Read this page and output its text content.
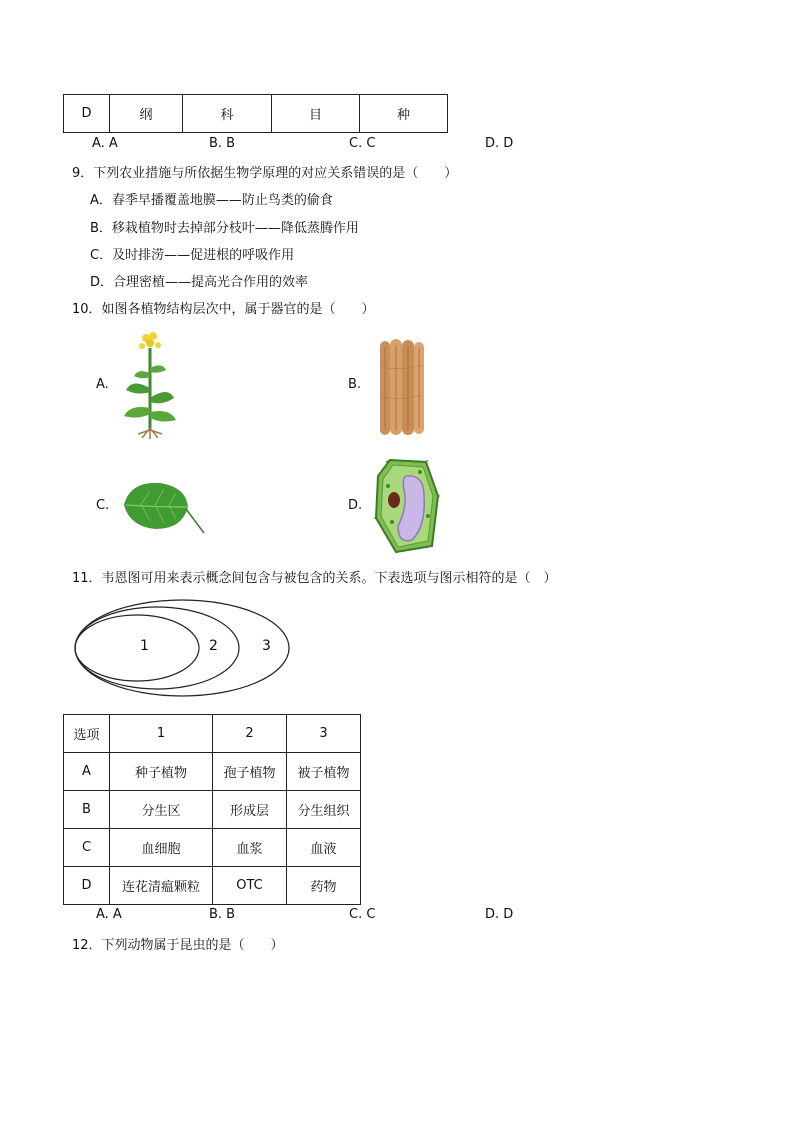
D	纲	科	目	种
A. A	B. B	C. C	D. D
9．下列农业措施与所依据生物学原理的对应关系错误的是（　　）
A．春季早播覆盖地膜——防止鸟类的偷食
B．移栽植物时去掉部分枝叶——降低蒸腾作用
C．及时排涝——促进根的呼吸作用
D．合理密植——提高光合作用的效率
10．如图各植物结构层次中，属于器官的是（　　）
A.	B.
C.	D.
11．韦恩图可用来表示概念间包含与被包含的关系。下表选项与图示相符的是（　）
1	2	3
选项	1	2	3
A	种子植物	孢子植物	被子植物
B	分生区	形成层	分生组织
C	血细胞	血浆	血液
D	连花清瘟颗粒	OTC	药物
A. A	B. B	C. C	D. D
12．下列动物属于昆虫的是（　　）
